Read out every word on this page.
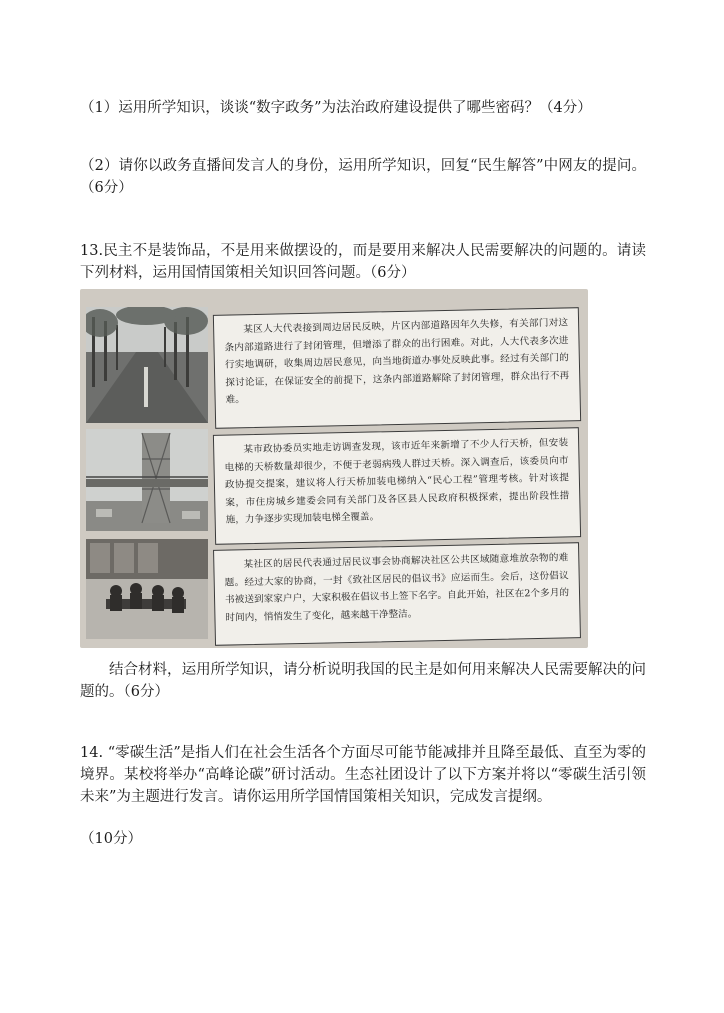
（1）运用所学知识，谈谈“数字政务”为法治政府建设提供了哪些密码？（4分）

（2）请你以政务直播间发言人的身份，运用所学知识，回复“民生解答”中网友的提问。（6分）

13.民主不是装饰品，不是用来做摆设的，而是要用来解决人民需要解决的问题的。请读下列材料，运用国情国策相关知识回答问题。（6分）

某区人大代表接到周边居民反映，片区内部道路因年久失修，有关部门对这条内部道路进行了封闭管理，但增添了群众的出行困难。对此，人大代表多次进行实地调研，收集周边居民意见，向当地街道办事处反映此事。经过有关部门的探讨论证，在保证安全的前提下，这条内部道路解除了封闭管理，群众出行不再难。

某市政协委员实地走访调查发现，该市近年来新增了不少人行天桥，但安装电梯的天桥数量却很少，不便于老弱病残人群过天桥。深入调查后，该委员向市政协提交提案，建议将人行天桥加装电梯纳入“民心工程”管理考核。针对该提案，市住房城乡建委会同有关部门及各区县人民政府积极探索，提出阶段性措施，力争逐步实现加装电梯全覆盖。

某社区的居民代表通过居民议事会协商解决社区公共区域随意堆放杂物的难题。经过大家的协商，一封《致社区居民的倡议书》应运而生。会后，这份倡议书被送到家家户户，大家积极在倡议书上签下名字。自此开始，社区在2个多月的时间内，悄悄发生了变化，越来越干净整洁。

结合材料，运用所学知识，请分析说明我国的民主是如何用来解决人民需要解决的问题的。（6分）

14. “零碳生活”是指人们在社会生活各个方面尽可能节能减排并且降至最低、直至为零的境界。某校将举办“高峰论碳”研讨活动。生态社团设计了以下方案并将以“零碳生活引领未来”为主题进行发言。请你运用所学国情国策相关知识，完成发言提纲。

（10分）
